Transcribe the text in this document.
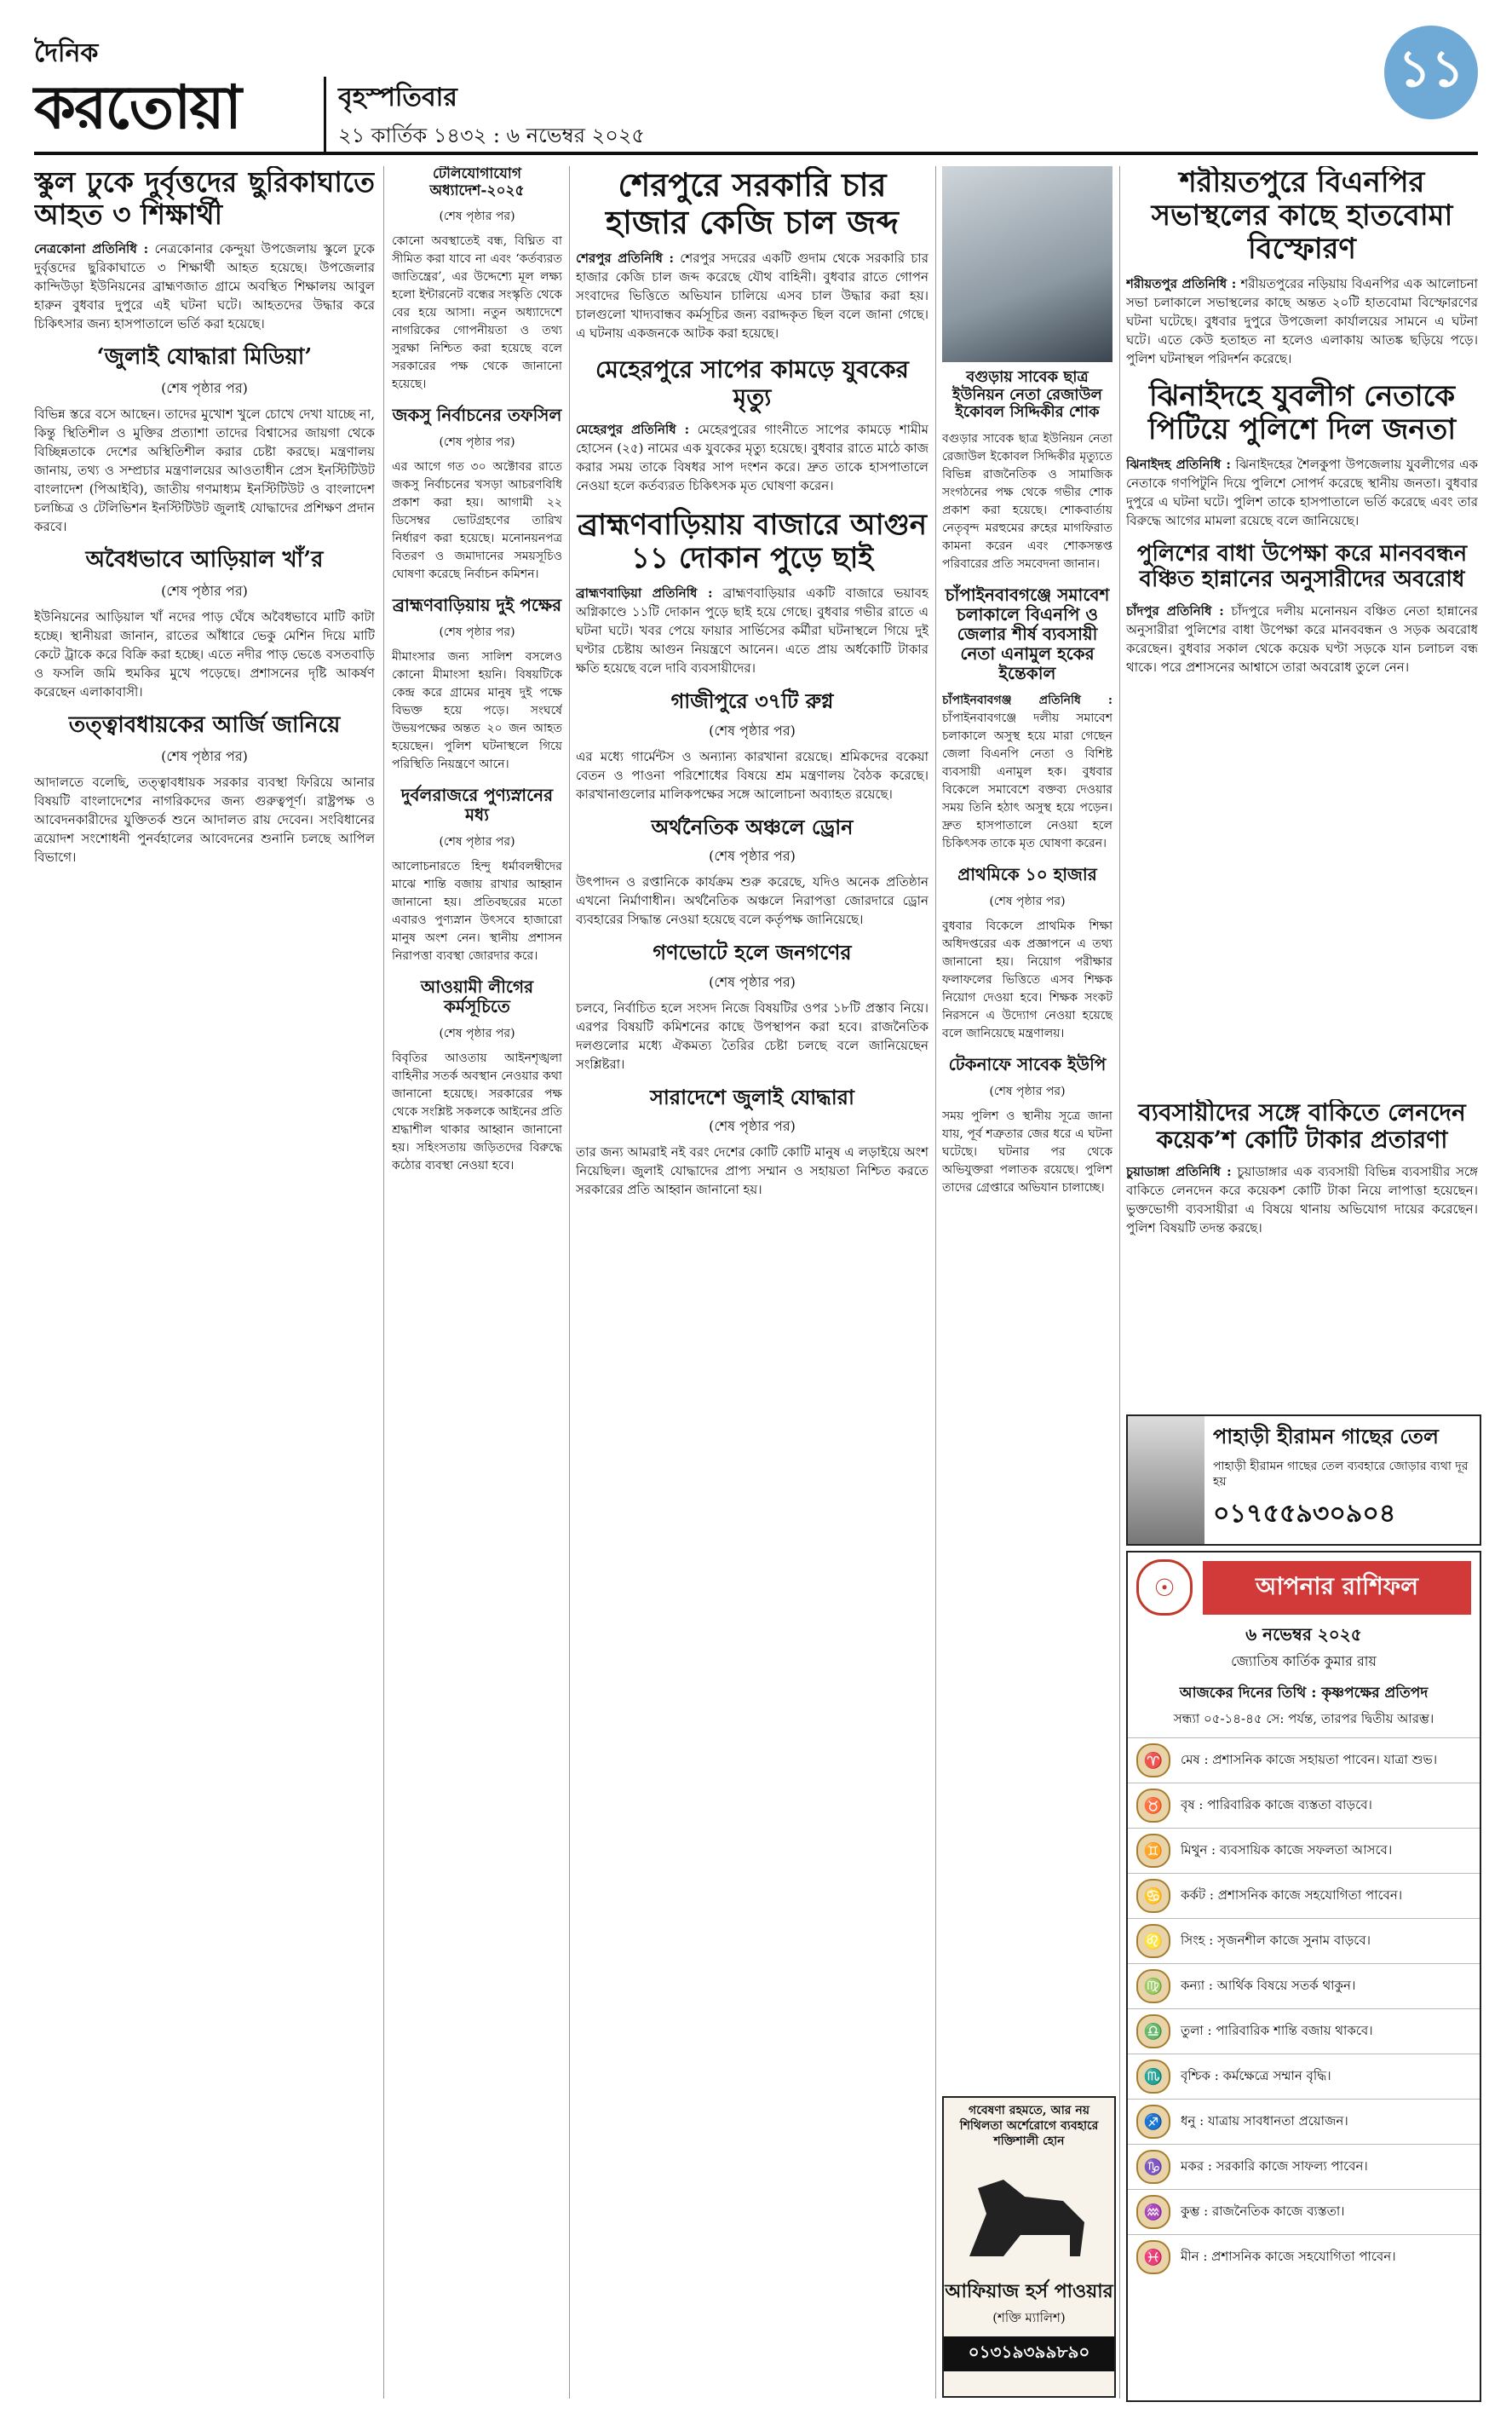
দৈনিক
করতোয়া	বৃহস্পতিবার
২১ কার্তিক ১৪৩২ : ৬ নভেম্বর ২০২৫
১১
স্কুল ঢুকে দুর্বৃত্তদের ছুরিকাঘাতে আহত ৩ শিক্ষার্থী

নেত্রকোনা প্রতিনিধি : নেত্রকোনার কেন্দুয়া উপজেলায় স্কুলে ঢুকে দুর্বৃত্তদের ছুরিকাঘাতে ৩ শিক্ষার্থী আহত হয়েছে। উপজেলার কান্দিউড়া ইউনিয়নের ব্রাহ্মণজাত গ্রামে অবস্থিত শিক্ষালয় আবুল হারুন বুধবার দুপুরে এই ঘটনা ঘটে। আহতদের উদ্ধার করে চিকিৎসার জন্য হাসপাতালে ভর্তি করা হয়েছে।

‘জুলাই যোদ্ধারা মিডিয়া’
(শেষ পৃষ্ঠার পর)

বিভিন্ন স্তরে বসে আছেন। তাদের মুখোশ খুলে চোখে দেখা যাচ্ছে না, কিন্তু স্থিতিশীল ও মুক্তির প্রত্যাশা তাদের বিশ্বাসের জায়গা থেকে বিচ্ছিন্নতাকে দেশের অস্থিতিশীল করার চেষ্টা করছে। মন্ত্রণালয় জানায়, তথ্য ও সম্প্রচার মন্ত্রণালয়ের আওতাধীন প্রেস ইনস্টিটিউট বাংলাদেশ (পিআইবি), জাতীয় গণমাধ্যম ইনস্টিটিউট ও বাংলাদেশ চলচ্চিত্র ও টেলিভিশন ইনস্টিটিউট জুলাই যোদ্ধাদের প্রশিক্ষণ প্রদান করবে।

অবৈধভাবে আড়িয়াল খাঁ’র
(শেষ পৃষ্ঠার পর)

ইউনিয়নের আড়িয়াল খাঁ নদের পাড় ঘেঁষে অবৈধভাবে মাটি কাটা হচ্ছে। স্থানীয়রা জানান, রাতের আঁধারে ভেকু মেশিন দিয়ে মাটি কেটে ট্রাকে করে বিক্রি করা হচ্ছে। এতে নদীর পাড় ভেঙে বসতবাড়ি ও ফসলি জমি হুমকির মুখে পড়েছে। প্রশাসনের দৃষ্টি আকর্ষণ করেছেন এলাকাবাসী।

তত্ত্বাবধায়কের আর্জি জানিয়ে
(শেষ পৃষ্ঠার পর)

আদালতে বলেছি, তত্ত্বাবধায়ক সরকার ব্যবস্থা ফিরিয়ে আনার বিষয়টি বাংলাদেশের নাগরিকদের জন্য গুরুত্বপূর্ণ। রাষ্ট্রপক্ষ ও আবেদনকারীদের যুক্তিতর্ক শুনে আদালত রায় দেবেন। সংবিধানের ত্রয়োদশ সংশোধনী পুনর্বহালের আবেদনের শুনানি চলছে আপিল বিভাগে।

টেলিযোগাযোগ অধ্যাদেশ-২০২৫
(শেষ পৃষ্ঠার পর)

কোনো অবস্থাতেই বন্ধ, বিঘ্নিত বা সীমিত করা যাবে না এবং ‘কর্তব্যরত জাতিন্ত্রের’, এর উদ্দেশ্যে মূল লক্ষ্য হলো ইন্টারনেট বন্ধের সংস্কৃতি থেকে বের হয়ে আসা। নতুন অধ্যাদেশে নাগরিকের গোপনীয়তা ও তথ্য সুরক্ষা নিশ্চিত করা হয়েছে বলে সরকারের পক্ষ থেকে জানানো হয়েছে।

জকসু নির্বাচনের তফসিল
(শেষ পৃষ্ঠার পর)

এর আগে গত ৩০ অক্টোবর রাতে জকসু নির্বাচনের খসড়া আচরণবিধি প্রকাশ করা হয়। আগামী ২২ ডিসেম্বর ভোটগ্রহণের তারিখ নির্ধারণ করা হয়েছে। মনোনয়নপত্র বিতরণ ও জমাদানের সময়সূচিও ঘোষণা করেছে নির্বাচন কমিশন।

ব্রাহ্মণবাড়িয়ায় দুই পক্ষের
(শেষ পৃষ্ঠার পর)

মীমাংসার জন্য সালিশ বসলেও কোনো মীমাংসা হয়নি। বিষয়টিকে কেন্দ্র করে গ্রামের মানুষ দুই পক্ষে বিভক্ত হয়ে পড়ে। সংঘর্ষে উভয়পক্ষের অন্তত ২০ জন আহত হয়েছেন। পুলিশ ঘটনাস্থলে গিয়ে পরিস্থিতি নিয়ন্ত্রণে আনে।

দুর্বলরাজরে পুণ্যস্নানের মধ্য
(শেষ পৃষ্ঠার পর)

আলোচনারতে হিন্দু ধর্মাবলম্বীদের মাঝে শান্তি বজায় রাখার আহ্বান জানানো হয়। প্রতিবছরের মতো এবারও পুণ্যস্নান উৎসবে হাজারো মানুষ অংশ নেন। স্থানীয় প্রশাসন নিরাপত্তা ব্যবস্থা জোরদার করে।

আওয়ামী লীগের কর্মসূচিতে
(শেষ পৃষ্ঠার পর)

বিবৃতির আওতায় আইনশৃঙ্খলা বাহিনীর সতর্ক অবস্থান নেওয়ার কথা জানানো হয়েছে। সরকারের পক্ষ থেকে সংশ্লিষ্ট সকলকে আইনের প্রতি শ্রদ্ধাশীল থাকার আহ্বান জানানো হয়। সহিংসতায় জড়িতদের বিরুদ্ধে কঠোর ব্যবস্থা নেওয়া হবে।

শেরপুরে সরকারি চার হাজার কেজি চাল জব্দ

শেরপুর প্রতিনিধি : শেরপুর সদরের একটি গুদাম থেকে সরকারি চার হাজার কেজি চাল জব্দ করেছে যৌথ বাহিনী। বুধবার রাতে গোপন সংবাদের ভিত্তিতে অভিযান চালিয়ে এসব চাল উদ্ধার করা হয়। চালগুলো খাদ্যবান্ধব কর্মসূচির জন্য বরাদ্দকৃত ছিল বলে জানা গেছে। এ ঘটনায় একজনকে আটক করা হয়েছে।

মেহেরপুরে সাপের কামড়ে যুবকের মৃত্যু

মেহেরপুর প্রতিনিধি : মেহেরপুরের গাংনীতে সাপের কামড়ে শামীম হোসেন (২৫) নামের এক যুবকের মৃত্যু হয়েছে। বুধবার রাতে মাঠে কাজ করার সময় তাকে বিষধর সাপ দংশন করে। দ্রুত তাকে হাসপাতালে নেওয়া হলে কর্তব্যরত চিকিৎসক মৃত ঘোষণা করেন।

ব্রাহ্মণবাড়িয়ায় বাজারে আগুন ১১ দোকান পুড়ে ছাই

ব্রাহ্মণবাড়িয়া প্রতিনিধি : ব্রাহ্মণবাড়িয়ার একটি বাজারে ভয়াবহ অগ্নিকাণ্ডে ১১টি দোকান পুড়ে ছাই হয়ে গেছে। বুধবার গভীর রাতে এ ঘটনা ঘটে। খবর পেয়ে ফায়ার সার্ভিসের কর্মীরা ঘটনাস্থলে গিয়ে দুই ঘণ্টার চেষ্টায় আগুন নিয়ন্ত্রণে আনেন। এতে প্রায় অর্ধকোটি টাকার ক্ষতি হয়েছে বলে দাবি ব্যবসায়ীদের।

গাজীপুরে ৩৭টি রুগ্ন
(শেষ পৃষ্ঠার পর)

এর মধ্যে গার্মেন্টস ও অন্যান্য কারখানা রয়েছে। শ্রমিকদের বকেয়া বেতন ও পাওনা পরিশোধের বিষয়ে শ্রম মন্ত্রণালয় বৈঠক করেছে। কারখানাগুলোর মালিকপক্ষের সঙ্গে আলোচনা অব্যাহত রয়েছে।

অর্থনৈতিক অঞ্চলে ড্রোন
(শেষ পৃষ্ঠার পর)

উৎপাদন ও রপ্তানিকে কার্যক্রম শুরু করেছে, যদিও অনেক প্রতিষ্ঠান এখনো নির্মাণাধীন। অর্থনৈতিক অঞ্চলে নিরাপত্তা জোরদারে ড্রোন ব্যবহারের সিদ্ধান্ত নেওয়া হয়েছে বলে কর্তৃপক্ষ জানিয়েছে।

গণভোটে হলে জনগণের
(শেষ পৃষ্ঠার পর)

চলবে, নির্বাচিত হলে সংসদ নিজে বিষয়টির ওপর ১৮টি প্রস্তাব নিয়ে। এরপর বিষয়টি কমিশনের কাছে উপস্থাপন করা হবে। রাজনৈতিক দলগুলোর মধ্যে ঐকমত্য তৈরির চেষ্টা চলছে বলে জানিয়েছেন সংশ্লিষ্টরা।

সারাদেশে জুলাই যোদ্ধারা
(শেষ পৃষ্ঠার পর)

তার জন্য আমরাই নই বরং দেশের কোটি কোটি মানুষ এ লড়াইয়ে অংশ নিয়েছিল। জুলাই যোদ্ধাদের প্রাপ্য সম্মান ও সহায়তা নিশ্চিত করতে সরকারের প্রতি আহ্বান জানানো হয়।

বগুড়ায় সাবেক ছাত্র ইউনিয়ন নেতা রেজাউল ইকোবল সিদ্দিকীর শোক

বগুড়ার সাবেক ছাত্র ইউনিয়ন নেতা রেজাউল ইকোবল সিদ্দিকীর মৃত্যুতে বিভিন্ন রাজনৈতিক ও সামাজিক সংগঠনের পক্ষ থেকে গভীর শোক প্রকাশ করা হয়েছে। শোকবার্তায় নেতৃবৃন্দ মরহুমের রুহের মাগফিরাত কামনা করেন এবং শোকসন্তপ্ত পরিবারের প্রতি সমবেদনা জানান।

চাঁপাইনবাবগঞ্জে সমাবেশ চলাকালে বিএনপি ও জেলার শীর্ষ ব্যবসায়ী নেতা এনামুল হকের ইন্তেকাল

চাঁপাইনবাবগঞ্জ প্রতিনিধি : চাঁপাইনবাবগঞ্জে দলীয় সমাবেশ চলাকালে অসুস্থ হয়ে মারা গেছেন জেলা বিএনপি নেতা ও বিশিষ্ট ব্যবসায়ী এনামুল হক। বুধবার বিকেলে সমাবেশে বক্তব্য দেওয়ার সময় তিনি হঠাৎ অসুস্থ হয়ে পড়েন। দ্রুত হাসপাতালে নেওয়া হলে চিকিৎসক তাকে মৃত ঘোষণা করেন।

প্রাথমিকে ১০ হাজার
(শেষ পৃষ্ঠার পর)

বুধবার বিকেলে প্রাথমিক শিক্ষা অধিদপ্তরের এক প্রজ্ঞাপনে এ তথ্য জানানো হয়। নিয়োগ পরীক্ষার ফলাফলের ভিত্তিতে এসব শিক্ষক নিয়োগ দেওয়া হবে। শিক্ষক সংকট নিরসনে এ উদ্যোগ নেওয়া হয়েছে বলে জানিয়েছে মন্ত্রণালয়।

টেকনাফে সাবেক ইউপি
(শেষ পৃষ্ঠার পর)

সময় পুলিশ ও স্থানীয় সূত্রে জানা যায়, পূর্ব শত্রুতার জের ধরে এ ঘটনা ঘটেছে। ঘটনার পর থেকে অভিযুক্তরা পলাতক রয়েছে। পুলিশ তাদের গ্রেপ্তারে অভিযান চালাচ্ছে।

গবেষণা রহমতে, আর নয় শিথিলতা অর্শেরোগে ব্যবহারে শক্তিশালী হোন
আফিয়াজ হর্স পাওয়ার
(শক্তি ম্যালিশ)
০১৩১৯৩৯৯৮৯০
শরীয়তপুরে বিএনপির সভাস্থলের কাছে হাতবোমা বিস্ফোরণ

শরীয়তপুর প্রতিনিধি : শরীয়তপুরের নড়িয়ায় বিএনপির এক আলোচনা সভা চলাকালে সভাস্থলের কাছে অন্তত ২০টি হাতবোমা বিস্ফোরণের ঘটনা ঘটেছে। বুধবার দুপুরে উপজেলা কার্যালয়ের সামনে এ ঘটনা ঘটে। এতে কেউ হতাহত না হলেও এলাকায় আতঙ্ক ছড়িয়ে পড়ে। পুলিশ ঘটনাস্থল পরিদর্শন করেছে।

ঝিনাইদহে যুবলীগ নেতাকে পিটিয়ে পুলিশে দিল জনতা

ঝিনাইদহ প্রতিনিধি : ঝিনাইদহের শৈলকুপা উপজেলায় যুবলীগের এক নেতাকে গণপিটুনি দিয়ে পুলিশে সোপর্দ করেছে স্থানীয় জনতা। বুধবার দুপুরে এ ঘটনা ঘটে। পুলিশ তাকে হাসপাতালে ভর্তি করেছে এবং তার বিরুদ্ধে আগের মামলা রয়েছে বলে জানিয়েছে।

পুলিশের বাধা উপেক্ষা করে মানববন্ধন বঞ্চিত হান্নানের অনুসারীদের অবরোধ

চাঁদপুর প্রতিনিধি : চাঁদপুরে দলীয় মনোনয়ন বঞ্চিত নেতা হান্নানের অনুসারীরা পুলিশের বাধা উপেক্ষা করে মানববন্ধন ও সড়ক অবরোধ করেছেন। বুধবার সকাল থেকে কয়েক ঘণ্টা সড়কে যান চলাচল বন্ধ থাকে। পরে প্রশাসনের আশ্বাসে তারা অবরোধ তুলে নেন।

ব্যবসায়ীদের সঙ্গে বাকিতে লেনদেন কয়েক’শ কোটি টাকার প্রতারণা

চুয়াডাঙ্গা প্রতিনিধি : চুয়াডাঙ্গার এক ব্যবসায়ী বিভিন্ন ব্যবসায়ীর সঙ্গে বাকিতে লেনদেন করে কয়েকশ কোটি টাকা নিয়ে লাপাত্তা হয়েছেন। ভুক্তভোগী ব্যবসায়ীরা এ বিষয়ে থানায় অভিযোগ দায়ের করেছেন। পুলিশ বিষয়টি তদন্ত করছে।

পাহাড়ী হীরামন গাছের তেল
পাহাড়ী হীরামন গাছের তেল ব্যবহারে জোড়ার ব্যথা দূর হয়
০১৭৫৫৯৩০৯০৪
☉	আপনার রাশিফল
৬ নভেম্বর ২০২৫
জ্যোতিষ কার্তিক কুমার রায়
আজকের দিনের তিথি : কৃষ্ণপক্ষের প্রতিপদ
সন্ধ্যা ০৫-১৪-৪৫ সে: পর্যন্ত, তারপর দ্বিতীয় আরম্ভ।
♈	মেষ : প্রশাসনিক কাজে সহায়তা পাবেন। যাত্রা শুভ।
♉	বৃষ : পারিবারিক কাজে ব্যস্ততা বাড়বে।
♊	মিথুন : ব্যবসায়িক কাজে সফলতা আসবে।
♋	কর্কট : প্রশাসনিক কাজে সহযোগিতা পাবেন।
♌	সিংহ : সৃজনশীল কাজে সুনাম বাড়বে।
♍	কন্যা : আর্থিক বিষয়ে সতর্ক থাকুন।
♎	তুলা : পারিবারিক শান্তি বজায় থাকবে।
♏	বৃশ্চিক : কর্মক্ষেত্রে সম্মান বৃদ্ধি।
♐	ধনু : যাত্রায় সাবধানতা প্রয়োজন।
♑	মকর : সরকারি কাজে সাফল্য পাবেন।
♒	কুম্ভ : রাজনৈতিক কাজে ব্যস্ততা।
♓	মীন : প্রশাসনিক কাজে সহযোগিতা পাবেন।
